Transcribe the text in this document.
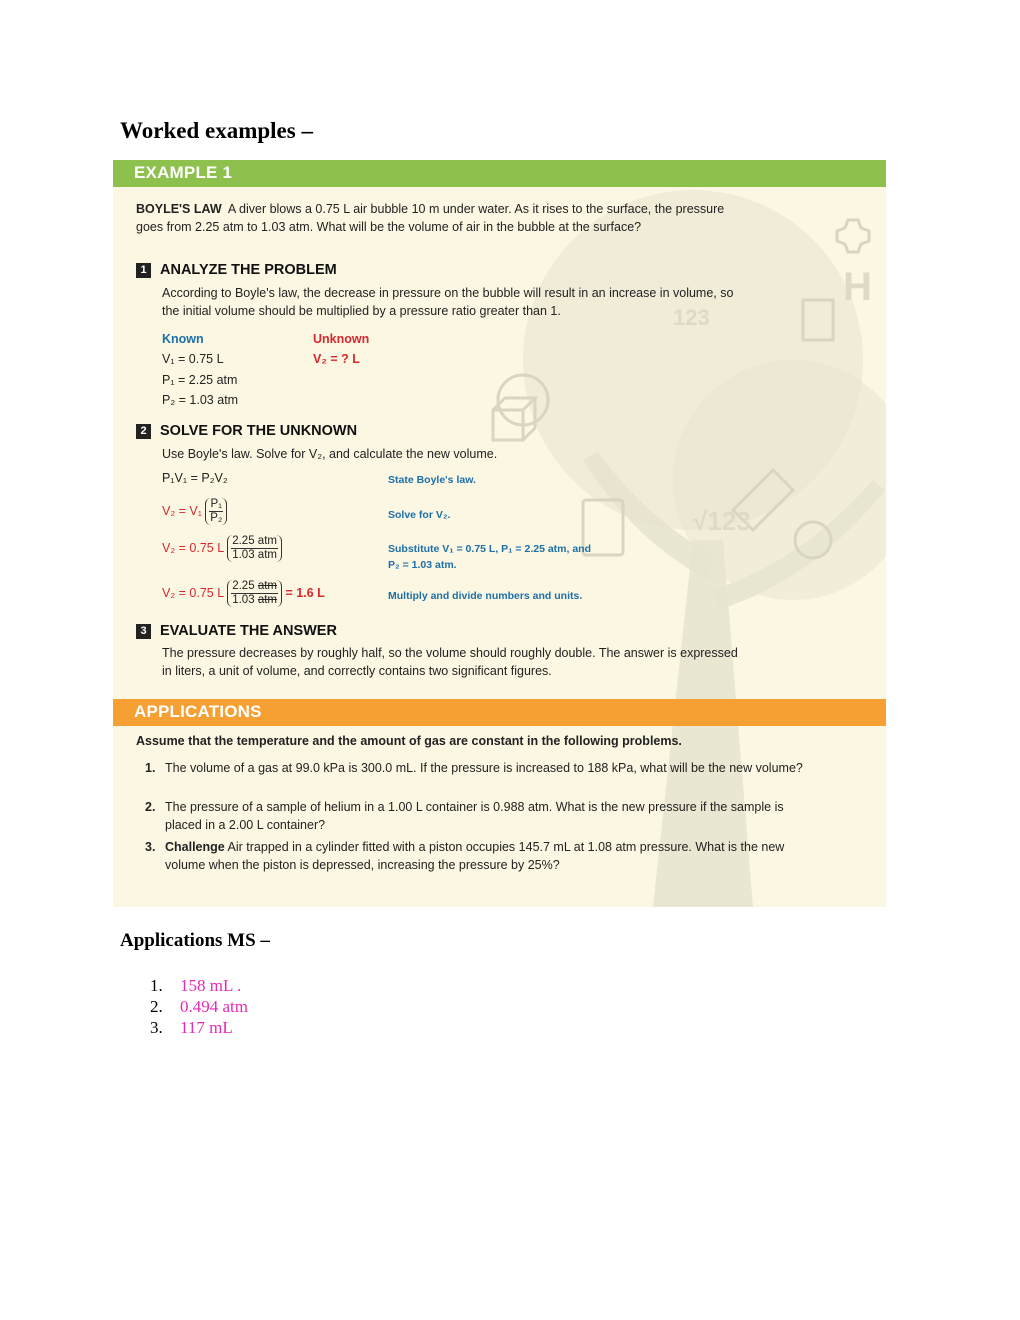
Worked examples –
H
√123
123
EXAMPLE 1
BOYLE'S LAW A diver blows a 0.75 L air bubble 10 m under water. As it rises to the surface, the pressure goes from 2.25 atm to 1.03 atm. What will be the volume of air in the bubble at the surface?
1 ANALYZE THE PROBLEM
According to Boyle's law, the decrease in pressure on the bubble will result in an increase in volume, so the initial volume should be multiplied by a pressure ratio greater than 1.
Known	Unknown
V₁ = 0.75 L
P₁ = 2.25 atm
P₂ = 1.03 atm
V₂ = ? L
2 SOLVE FOR THE UNKNOWN
Use Boyle's law. Solve for V₂, and calculate the new volume.
P₁V₁ = P₂V₂	State Boyle's law.
$V_2 = V_1 \frac{\text{P₁}}{\text{P₂}}$	Solve for V₂.
V₂ = 0.75 L $\frac{\text{2.25 atm}}{\text{1.03 atm}}$	Substitute V₁ = 0.75 L, P₁ = 2.25 atm, and
P₂ = 1.03 atm.
V₂ = 0.75 L $\frac{\text{2.25 atm}}{\text{1.03 atm}} = 1.6$ L	Multiply and divide numbers and units.
3 EVALUATE THE ANSWER
The pressure decreases by roughly half, so the volume should roughly double. The answer is expressed in liters, a unit of volume, and correctly contains two significant figures.
APPLICATIONS
Assume that the temperature and the amount of gas are constant in the following problems.
1. The volume of a gas at 99.0 kPa is 300.0 mL. If the pressure is increased to 188 kPa, what will be the new volume?
2. The pressure of a sample of helium in a 1.00 L container is 0.988 atm. What is the new pressure if the sample is placed in a 2.00 L container?
3. Challenge Air trapped in a cylinder fitted with a piston occupies 145.7 mL at 1.08 atm pressure. What is the new volume when the piston is depressed, increasing the pressure by 25%?
Applications MS –
1. 158 mL .
2. 0.494 atm
3. 117 mL
